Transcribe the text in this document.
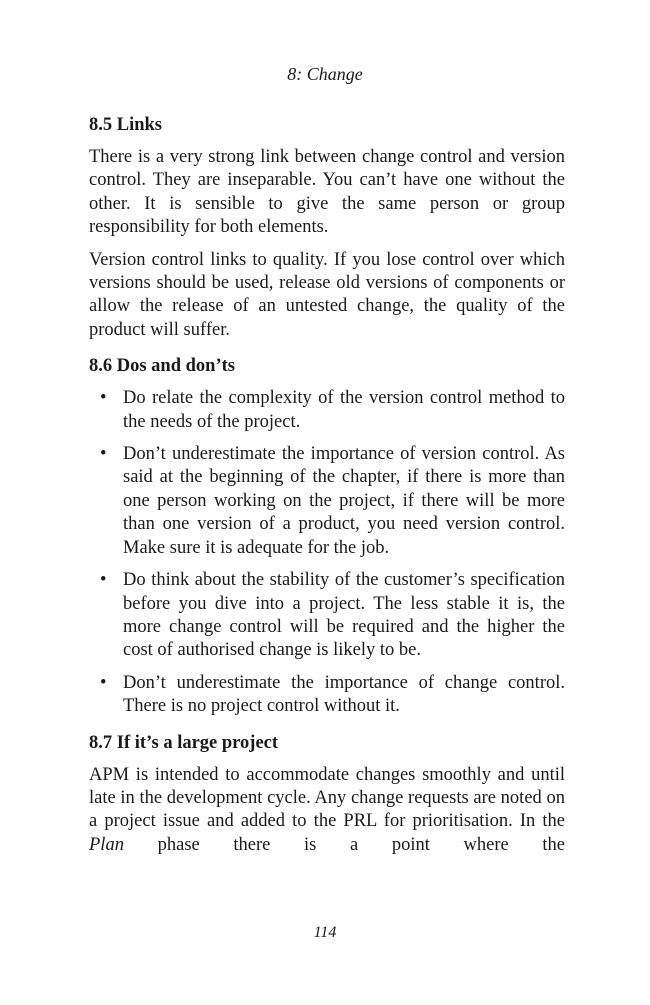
8: Change
8.5 Links

There is a very strong link between change control and version control. They are inseparable. You can’t have one without the other. It is sensible to give the same person or group responsibility for both elements.

Version control links to quality. If you lose control over which versions should be used, release old versions of components or allow the release of an untested change, the quality of the product will suffer.

8.6 Dos and don’ts
• Do relate the complexity of the version control method to the needs of the project.
• Don’t underestimate the importance of version control. As said at the beginning of the chapter, if there is more than one person working on the project, if there will be more than one version of a product, you need version control. Make sure it is adequate for the job.
• Do think about the stability of the customer’s specification before you dive into a project. The less stable it is, the more change control will be required and the higher the cost of authorised change is likely to be.
• Don’t underestimate the importance of change control. There is no project control without it.
8.7 If it’s a large project

APM is intended to accommodate changes smoothly and until late in the development cycle. Any change requests are noted on a project issue and added to the PRL for prioritisation. In the Plan phase there is a point where the

114
